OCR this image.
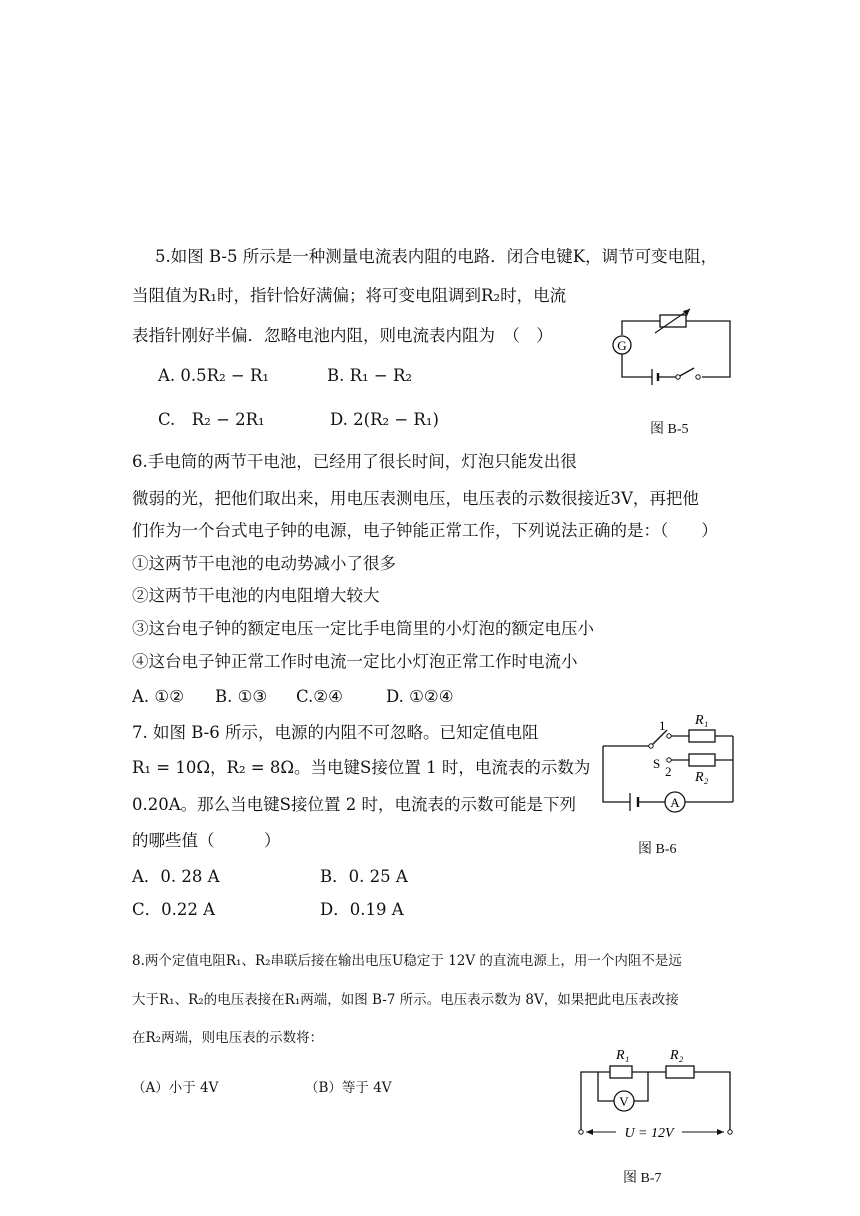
5.如图 B-5 所示是一种测量电流表内阻的电路．闭合电键K，调节可变电阻，
当阻值为R₁时，指针恰好满偏；将可变电阻调到R₂时，电流
表指针刚好半偏．忽略电池内阻，则电流表内阻为　（　）
A. 0.5R₂ − R₁	B. R₁ − R₂
C.　R₂ − 2R₁	D. 2(R₂ − R₁)
G
图 B-5
6.手电筒的两节干电池，已经用了很长时间，灯泡只能发出很
微弱的光，把他们取出来，用电压表测电压，电压表的示数很接近3V，再把他
们作为一个台式电子钟的电源，电子钟能正常工作，下列说法正确的是：（　　）
①这两节干电池的电动势减小了很多
②这两节干电池的内电阻增大较大
③这台电子钟的额定电压一定比手电筒里的小灯泡的额定电压小
④这台电子钟正常工作时电流一定比小灯泡正常工作时电流小
A. ①② B. ①③ C.②④	D. ①②④
7. 如图 B-6 所示，电源的内阻不可忽略。已知定值电阻
R₁ = 10Ω，R₂ = 8Ω。当电键S接位置 1 时，电流表的示数为
0.20A。那么当电键S接位置 2 时，电流表的示数可能是下列
的哪些值（　　　）
A．0. 28 A	B．0. 25 A
C．0.22 A	D．0.19 A
A
R₁
R₂
1
2
S
图 B-6
8.两个定值电阻R₁、R₂串联后接在输出电压U稳定于 12V 的直流电源上，用一个内阻不是远
大于R₁、R₂的电压表接在R₁两端，如图 B-7 所示。电压表示数为 8V，如果把此电压表改接
在R₂两端，则电压表的示数将：
（A）小于 4V	（B）等于 4V
V
U = 12V
R₁	R₂
图 B-7
